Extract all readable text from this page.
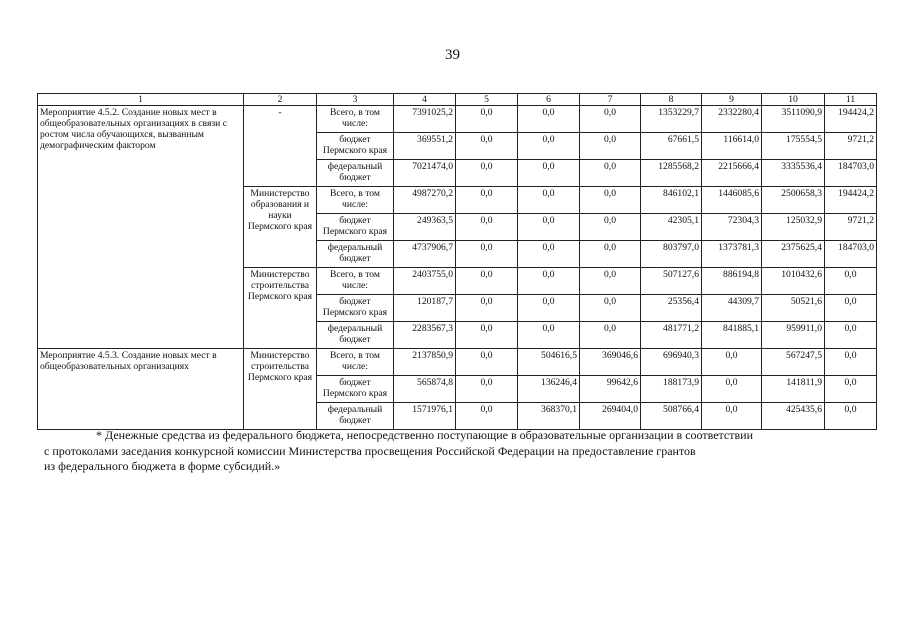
39
1	2	3	4	5	6	7	8	9	10	11
Мероприятие 4.5.2. Создание новых мест в общеобразовательных организациях в связи с ростом числа обучающихся, вызванным демографическим фактором	-	Всего, в том числе:	7391025,2	0,0	0,0	0,0	1353229,7	2332280,4	3511090,9	194424,2
		бюджет Пермского края	369551,2	0,0	0,0	0,0	67661,5	116614,0	175554,5	9721,2
		федеральный бюджет	7021474,0	0,0	0,0	0,0	1285568,2	2215666,4	3335536,4	184703,0
	Министерство образования и науки Пермского края	Всего, в том числе:	4987270,2	0,0	0,0	0,0	846102,1	1446085,6	2500658,3	194424,2
		бюджет Пермского края	249363,5	0,0	0,0	0,0	42305,1	72304,3	125032,9	9721,2
		федеральный бюджет	4737906,7	0,0	0,0	0,0	803797,0	1373781,3	2375625,4	184703,0
	Министерство строительства Пермского края	Всего, в том числе:	2403755,0	0,0	0,0	0,0	507127,6	886194,8	1010432,6	0,0
		бюджет Пермского края	120187,7	0,0	0,0	0,0	25356,4	44309,7	50521,6	0,0
		федеральный бюджет	2283567,3	0,0	0,0	0,0	481771,2	841885,1	959911,0	0,0
Мероприятие 4.5.3. Создание новых мест в общеобразовательных организациях	Министерство строительства Пермского края	Всего, в том числе:	2137850,9	0,0	504616,5	369046,6	696940,3	0,0	567247,5	0,0
		бюджет Пермского края	565874,8	0,0	136246,4	99642,6	188173,9	0,0	141811,9	0,0
		федеральный бюджет	1571976,1	0,0	368370,1	269404,0	508766,4	0,0	425435,6	0,0

* Денежные средства из федерального бюджета, непосредственно поступающие в образовательные организации в соответствии

с протоколами заседания конкурсной комиссии Министерства просвещения Российской Федерации на предоставление грантов

из федерального бюджета в форме субсидий.»
